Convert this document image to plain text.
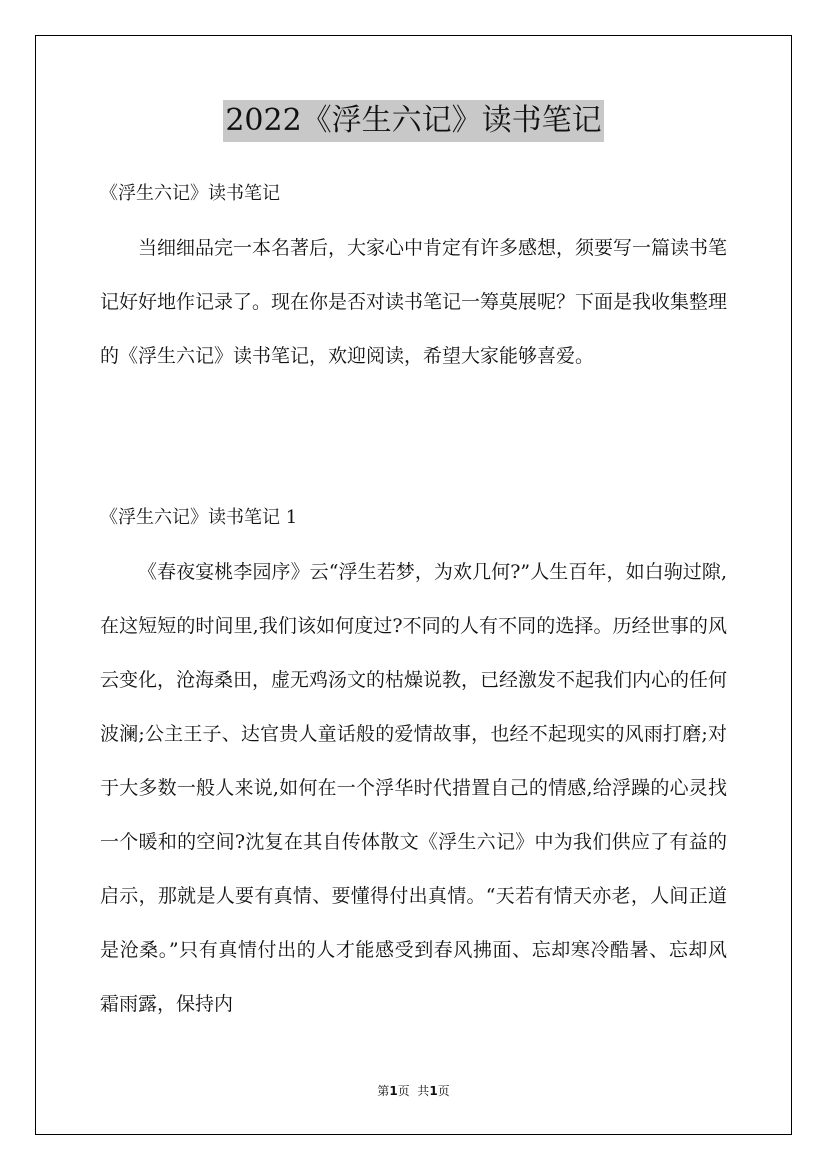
2022《浮生六记》读书笔记

《浮生六记》读书笔记

当细细品完一本名著后，大家心中肯定有许多感想，须要写一篇读书笔记好好地作记录了。现在你是否对读书笔记一筹莫展呢？下面是我收集整理的《浮生六记》读书笔记，欢迎阅读，希望大家能够喜爱。

《浮生六记》读书笔记 1

《春夜宴桃李园序》云“浮生若梦，为欢几何?”人生百年，如白驹过隙,在这短短的时间里,我们该如何度过?不同的人有不同的选择。历经世事的风云变化，沧海桑田，虚无鸡汤文的枯燥说教，已经激发不起我们内心的任何波澜;公主王子、达官贵人童话般的爱情故事，也经不起现实的风雨打磨;对于大多数一般人来说,如何在一个浮华时代措置自己的情感,给浮躁的心灵找一个暖和的空间?沈复在其自传体散文《浮生六记》中为我们供应了有益的启示，那就是人要有真情、要懂得付出真情。“天若有情天亦老，人间正道是沧桑。”只有真情付出的人才能感受到春风拂面、忘却寒冷酷暑、忘却风霜雨露，保持内

第1页  共1页
